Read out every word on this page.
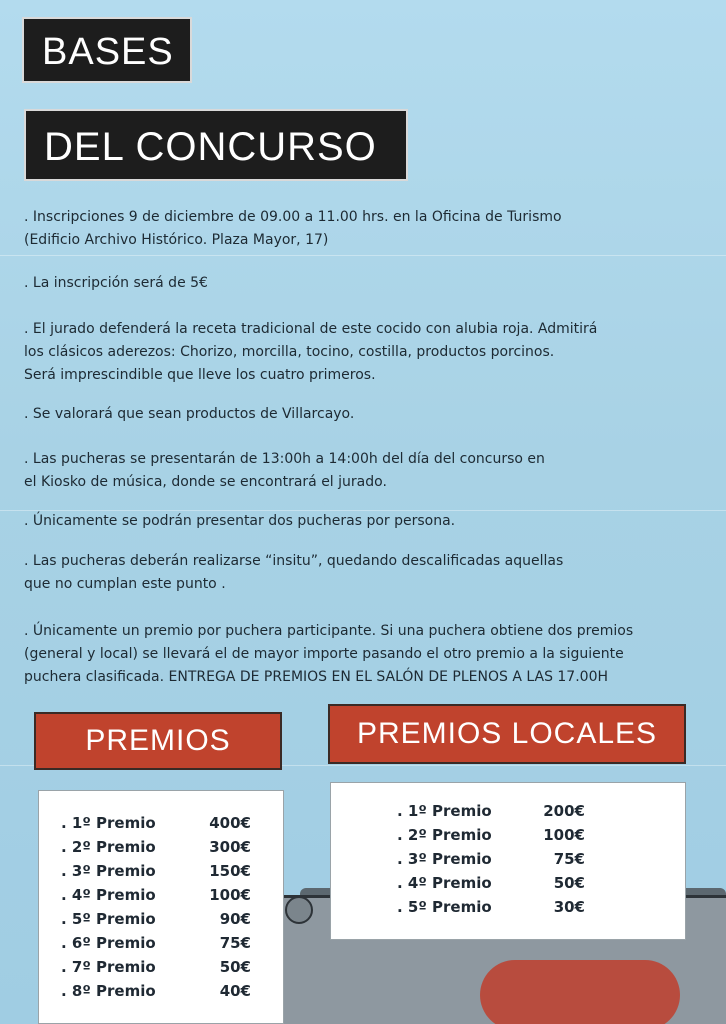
BASES
DEL CONCURSO
. Inscripciones 9 de diciembre de 09.00 a 11.00 hrs. en la Oficina de Turismo
(Edificio Archivo Histórico. Plaza Mayor, 17)
. La inscripción será de 5€
. El jurado defenderá la receta tradicional de este cocido con alubia roja. Admitirá
los clásicos aderezos: Chorizo, morcilla, tocino, costilla, productos porcinos.
Será imprescindible que lleve los cuatro primeros.
. Se valorará que sean productos de Villarcayo.
. Las pucheras se presentarán de 13:00h a 14:00h del día del concurso en
el Kiosko de música, donde se encontrará el jurado.
. Únicamente se podrán presentar dos pucheras por persona.
. Las pucheras deberán realizarse “insitu”, quedando descalificadas aquellas
que no cumplan este punto .
. Únicamente un premio por puchera participante. Si una puchera obtiene dos premios
(general y local) se llevará el de mayor importe pasando el otro premio a la siguiente
puchera clasificada. ENTREGA DE PREMIOS EN EL SALÓN DE PLENOS A LAS 17.00H
PREMIOS	PREMIOS LOCALES
. 1º Premio	400€
. 2º Premio	300€
. 3º Premio	150€
. 4º Premio	100€
. 5º Premio	90€
. 6º Premio	75€
. 7º Premio	50€
. 8º Premio	40€
. 1º Premio	200€
. 2º Premio	100€
. 3º Premio	75€
. 4º Premio	50€
. 5º Premio	30€
